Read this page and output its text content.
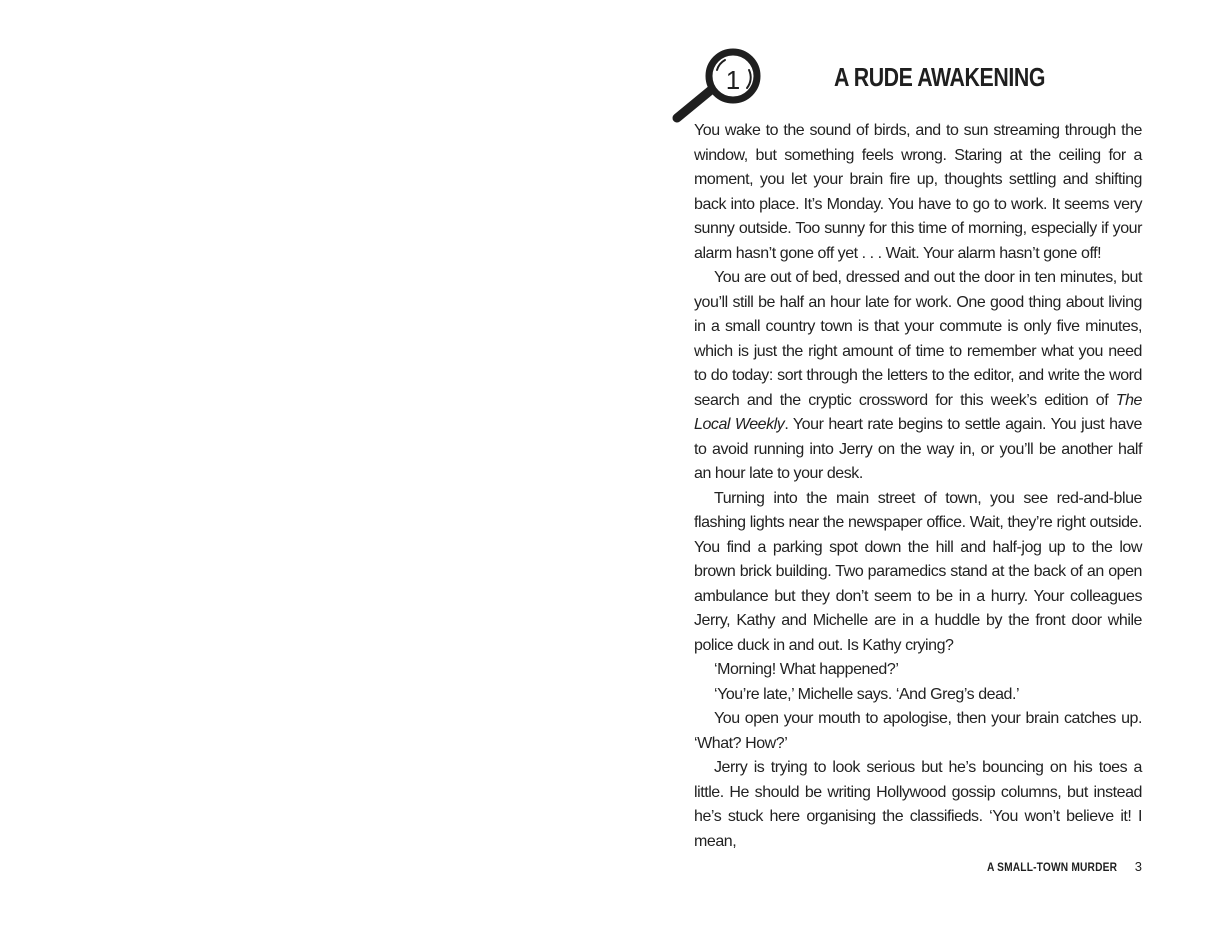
1	A RUDE AWAKENING

You wake to the sound of birds, and to sun streaming through the window, but something feels wrong. Staring at the ceiling for a moment, you let your brain fire up, thoughts settling and shifting back into place. It’s Monday. You have to go to work. It seems very sunny outside. Too sunny for this time of morning, especially if your alarm hasn’t gone off yet . . . Wait. Your alarm hasn’t gone off!

You are out of bed, dressed and out the door in ten minutes, but you’ll still be half an hour late for work. One good thing about living in a small country town is that your commute is only five minutes, which is just the right amount of time to remember what you need to do today: sort through the letters to the editor, and write the word search and the cryptic crossword for this week’s edition of The Local Weekly. Your heart rate begins to settle again. You just have to avoid running into Jerry on the way in, or you’ll be another half an hour late to your desk.

Turning into the main street of town, you see red-and-blue flashing lights near the newspaper office. Wait, they’re right outside. You find a parking spot down the hill and half-jog up to the low brown brick building. Two paramedics stand at the back of an open ambulance but they don’t seem to be in a hurry. Your colleagues Jerry, Kathy and Michelle are in a huddle by the front door while police duck in and out. Is Kathy crying?

‘Morning! What happened?’

‘You’re late,’ Michelle says. ‘And Greg’s dead.’

You open your mouth to apologise, then your brain catches up. ‘What? How?’

Jerry is trying to look serious but he’s bouncing on his toes a little. He should be writing Hollywood gossip columns, but instead he’s stuck here organising the classifieds. ‘You won’t believe it! I mean,

A SMALL-TOWN MURDER 3
